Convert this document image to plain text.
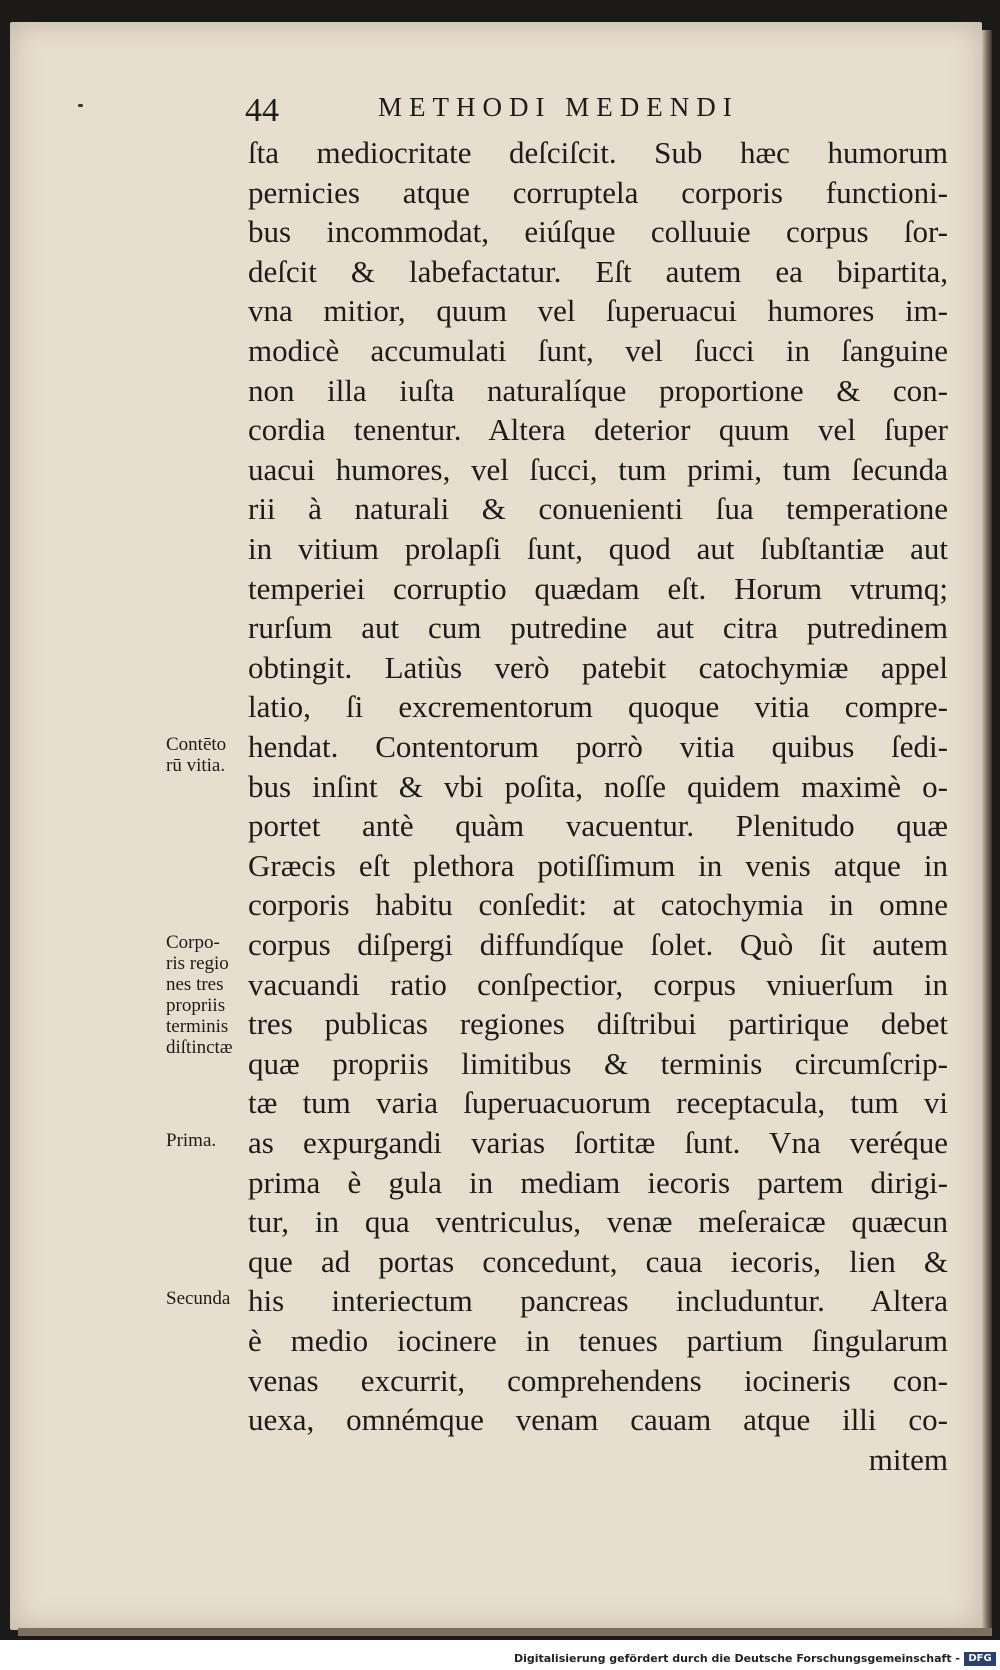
44	METHODI MEDENDI
ſta mediocritate deſciſcit. Sub hæc humorum
pernicies atque corruptela corporis functioni-
bus incommodat, eiúſque colluuie corpus ſor-
deſcit & labefactatur. Eſt autem ea bipartita,
vna mitior, quum vel ſuperuacui humores im-
modicè accumulati ſunt, vel ſucci in ſanguine
non illa iuſta naturalíque proportione & con-
cordia tenentur. Altera deterior quum vel ſuper
uacui humores, vel ſucci, tum primi, tum ſecunda
rii à naturali & conuenienti ſua temperatione
in vitium prolapſi ſunt, quod aut ſubſtantiæ aut
temperiei corruptio quædam eſt. Horum vtrumq;
rurſum aut cum putredine aut citra putredinem
obtingit. Latiùs verò patebit catochymiæ appel
latio, ſi excrementorum quoque vitia compre-
hendat. Contentorum porrò vitia quibus ſedi-
bus inſint & vbi poſita, noſſe quidem maximè o-
portet antè quàm vacuentur. Plenitudo quæ
Græcis eſt plethora potiſſimum in venis atque in
corporis habitu conſedit: at catochymia in omne
corpus diſpergi diffundíque ſolet. Quò ſit autem
vacuandi ratio conſpectior, corpus vniuerſum in
tres publicas regiones diſtribui partirique debet
quæ propriis limitibus & terminis circumſcrip-
tæ tum varia ſuperuacuorum receptacula, tum vi
as expurgandi varias ſortitæ ſunt. Vna veréque
prima è gula in mediam iecoris partem dirigi-
tur, in qua ventriculus, venæ meſeraicæ quæcun
que ad portas concedunt, caua iecoris, lien &
his interiectum pancreas includuntur. Altera
è medio iocinere in tenues partium ſingularum
venas excurrit, comprehendens iocineris con-
uexa, omnémque venam cauam atque illi co-
mitem
Contēto
rū vitia.
Corpo-
ris regio
nes tres
propriis
terminis
diſtinctæ
Prima.
Secunda
Digitalisierung gefördert durch die Deutsche Forschungsgemeinschaft - DFG
